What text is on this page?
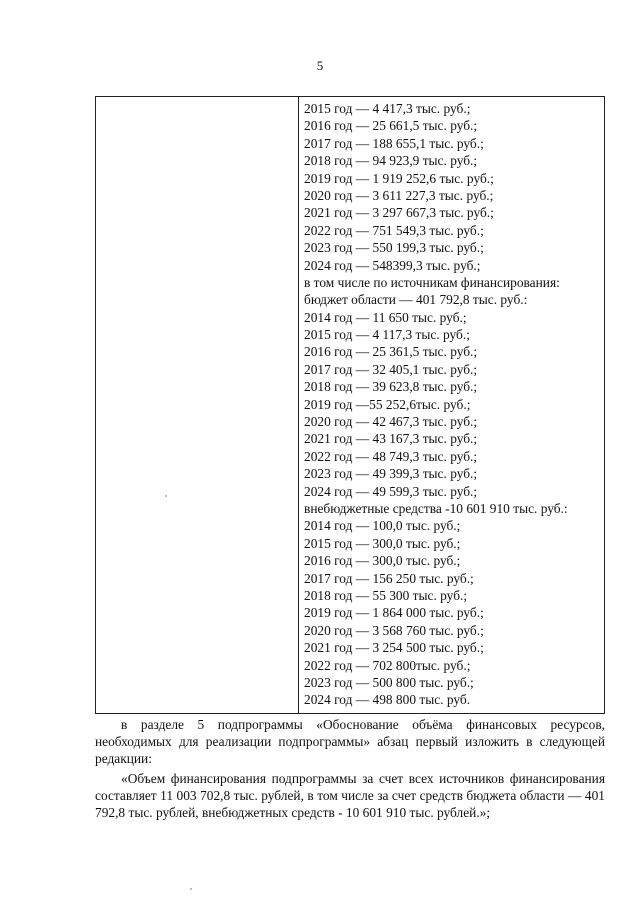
5
2015 год — 4 417,3 тыс. руб.;
2016 год — 25 661,5 тыс. руб.;
2017 год — 188 655,1 тыс. руб.;
2018 год — 94 923,9 тыс. руб.;
2019 год — 1 919 252,6 тыс. руб.;
2020 год — 3 611 227,3 тыс. руб.;
2021 год — 3 297 667,3 тыс. руб.;
2022 год — 751 549,3 тыс. руб.;
2023 год — 550 199,3 тыс. руб.;
2024 год — 548399,3 тыс. руб.;
в том числе по источникам финансирования:
бюджет области — 401 792,8 тыс. руб.:
2014 год — 11 650 тыс. руб.;
2015 год — 4 117,3 тыс. руб.;
2016 год — 25 361,5 тыс. руб.;
2017 год — 32 405,1 тыс. руб.;
2018 год — 39 623,8 тыс. руб.;
2019 год —55 252,6тыс. руб.;
2020 год — 42 467,3 тыс. руб.;
2021 год — 43 167,3 тыс. руб.;
2022 год — 48 749,3 тыс. руб.;
2023 год — 49 399,3 тыс. руб.;
2024 год — 49 599,3 тыс. руб.;
внебюджетные средства -10 601 910 тыс. руб.:
2014 год — 100,0 тыс. руб.;
2015 год — 300,0 тыс. руб.;
2016 год — 300,0 тыс. руб.;
2017 год — 156 250 тыс. руб.;
2018 год — 55 300 тыс. руб.;
2019 год — 1 864 000 тыс. руб.;
2020 год — 3 568 760 тыс. руб.;
2021 год — 3 254 500 тыс. руб.;
2022 год — 702 800тыс. руб.;
2023 год — 500 800 тыс. руб.;
2024 год — 498 800 тыс. руб.
в разделе 5 подпрограммы «Обоснование объёма финансовых ресурсов, необходимых для реализации подпрограммы» абзац первый изложить в следующей редакции:
«Объем финансирования подпрограммы за счет всех источников финансирования составляет 11 003 702,8 тыс. рублей, в том числе за счет средств бюджета области — 401 792,8 тыс. рублей, внебюджетных средств - 10 601 910 тыс. рублей.»;
